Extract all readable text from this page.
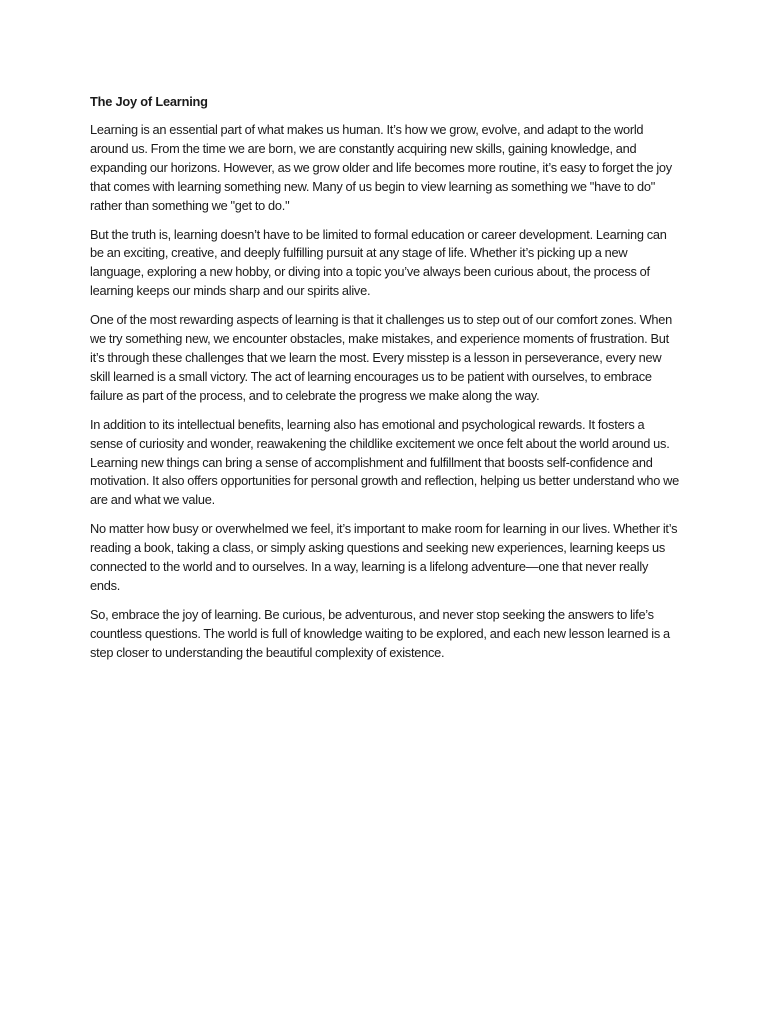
The Joy of Learning

Learning is an essential part of what makes us human. It’s how we grow, evolve, and adapt to the world around us. From the time we are born, we are constantly acquiring new skills, gaining knowledge, and expanding our horizons. However, as we grow older and life becomes more routine, it’s easy to forget the joy that comes with learning something new. Many of us begin to view learning as something we "have to do" rather than something we "get to do."

But the truth is, learning doesn’t have to be limited to formal education or career development. Learning can be an exciting, creative, and deeply fulfilling pursuit at any stage of life. Whether it’s picking up a new language, exploring a new hobby, or diving into a topic you’ve always been curious about, the process of learning keeps our minds sharp and our spirits alive.

One of the most rewarding aspects of learning is that it challenges us to step out of our comfort zones. When we try something new, we encounter obstacles, make mistakes, and experience moments of frustration. But it’s through these challenges that we learn the most. Every misstep is a lesson in perseverance, every new skill learned is a small victory. The act of learning encourages us to be patient with ourselves, to embrace failure as part of the process, and to celebrate the progress we make along the way.

In addition to its intellectual benefits, learning also has emotional and psychological rewards. It fosters a sense of curiosity and wonder, reawakening the childlike excitement we once felt about the world around us. Learning new things can bring a sense of accomplishment and fulfillment that boosts self-confidence and motivation. It also offers opportunities for personal growth and reflection, helping us better understand who we are and what we value.

No matter how busy or overwhelmed we feel, it’s important to make room for learning in our lives. Whether it’s reading a book, taking a class, or simply asking questions and seeking new experiences, learning keeps us connected to the world and to ourselves. In a way, learning is a lifelong adventure—one that never really ends.

So, embrace the joy of learning. Be curious, be adventurous, and never stop seeking the answers to life’s countless questions. The world is full of knowledge waiting to be explored, and each new lesson learned is a step closer to understanding the beautiful complexity of existence.
